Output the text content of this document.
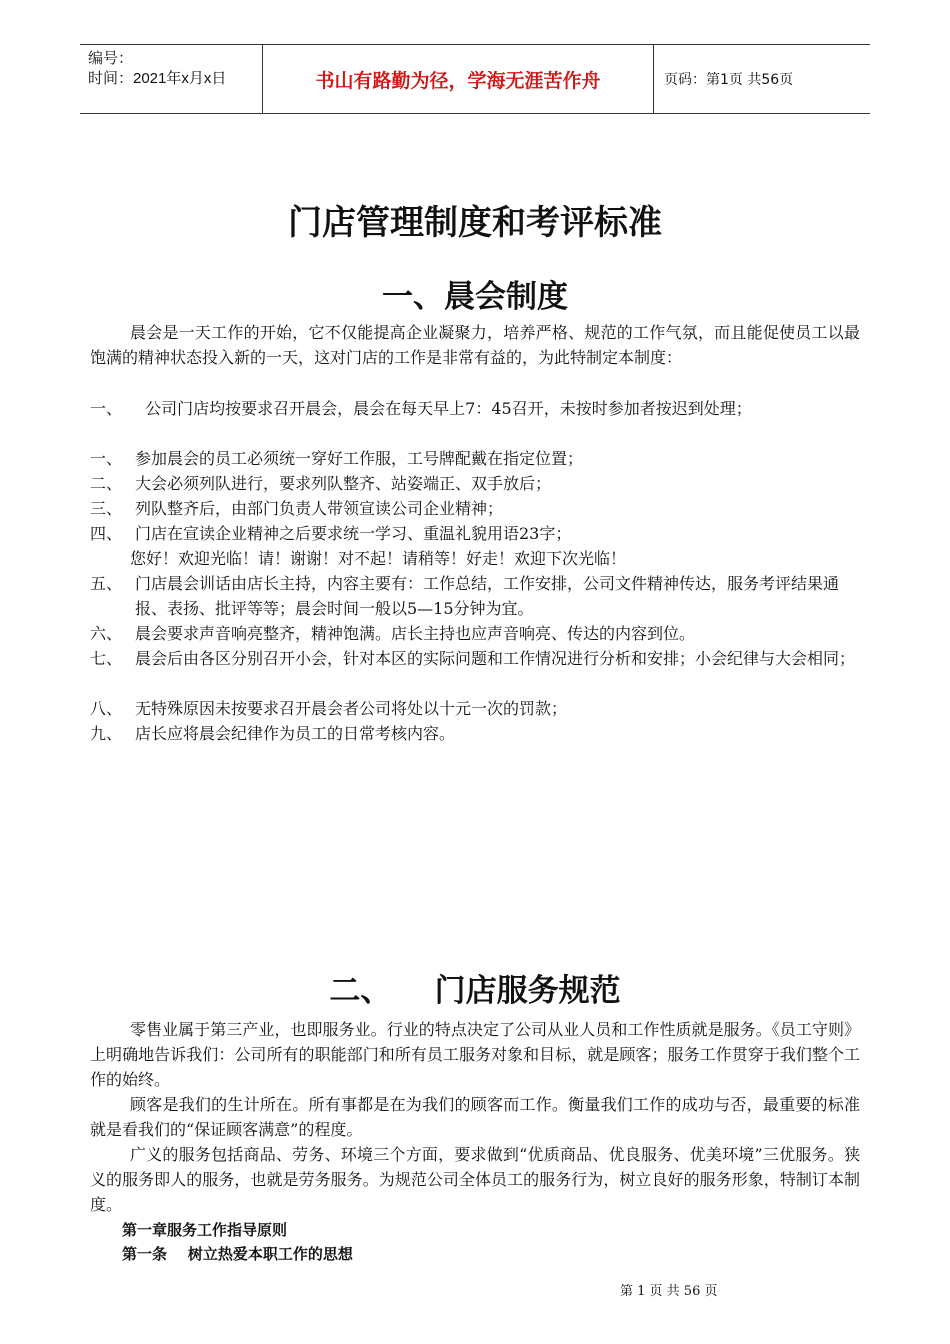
编号：
时间：2021年x月x日	书山有路勤为径，学海无涯苦作舟	页码：第1页 共56页
门店管理制度和考评标准
一、晨会制度

晨会是一天工作的开始，它不仅能提高企业凝聚力，培养严格、规范的工作气氛，而且能促使员工以最饱满的精神状态投入新的一天，这对门店的工作是非常有益的，为此特制定本制度：

一、 公司门店均按要求召开晨会，晨会在每天早上7：45召开，未按时参加者按迟到处理；
一、 参加晨会的员工必须统一穿好工作服，工号牌配戴在指定位置；
二、 大会必须列队进行，要求列队整齐、站姿端正、双手放后；
三、 列队整齐后，由部门负责人带领宣读公司企业精神；
四、 门店在宣读企业精神之后要求统一学习、重温礼貌用语23字；
您好！欢迎光临！请！谢谢！对不起！请稍等！好走！欢迎下次光临！
五、 门店晨会训话由店长主持，内容主要有：工作总结，工作安排，公司文件精神传达，服务考评结果通报、表扬、批评等等；晨会时间一般以5—15分钟为宜。
六、 晨会要求声音响亮整齐，精神饱满。店长主持也应声音响亮、传达的内容到位。
七、 晨会后由各区分别召开小会，针对本区的实际问题和工作情况进行分析和安排；小会纪律与大会相同；
八、 无特殊原因未按要求召开晨会者公司将处以十元一次的罚款；
九、 店长应将晨会纪律作为员工的日常考核内容。
二、    门店服务规范

零售业属于第三产业，也即服务业。行业的特点决定了公司从业人员和工作性质就是服务。《员工守则》上明确地告诉我们：公司所有的职能部门和所有员工服务对象和目标，就是顾客；服务工作贯穿于我们整个工作的始终。

顾客是我们的生计所在。所有事都是在为我们的顾客而工作。衡量我们工作的成功与否，最重要的标准就是看我们的“保证顾客满意”的程度。

广义的服务包括商品、劳务、环境三个方面，要求做到“优质商品、优良服务、优美环境”三优服务。狭义的服务即人的服务，也就是劳务服务。为规范公司全体员工的服务行为，树立良好的服务形象，特制订本制度。

第一章服务工作指导原则
第一条    树立热爱本职工作的思想
第 1 页 共 56 页
